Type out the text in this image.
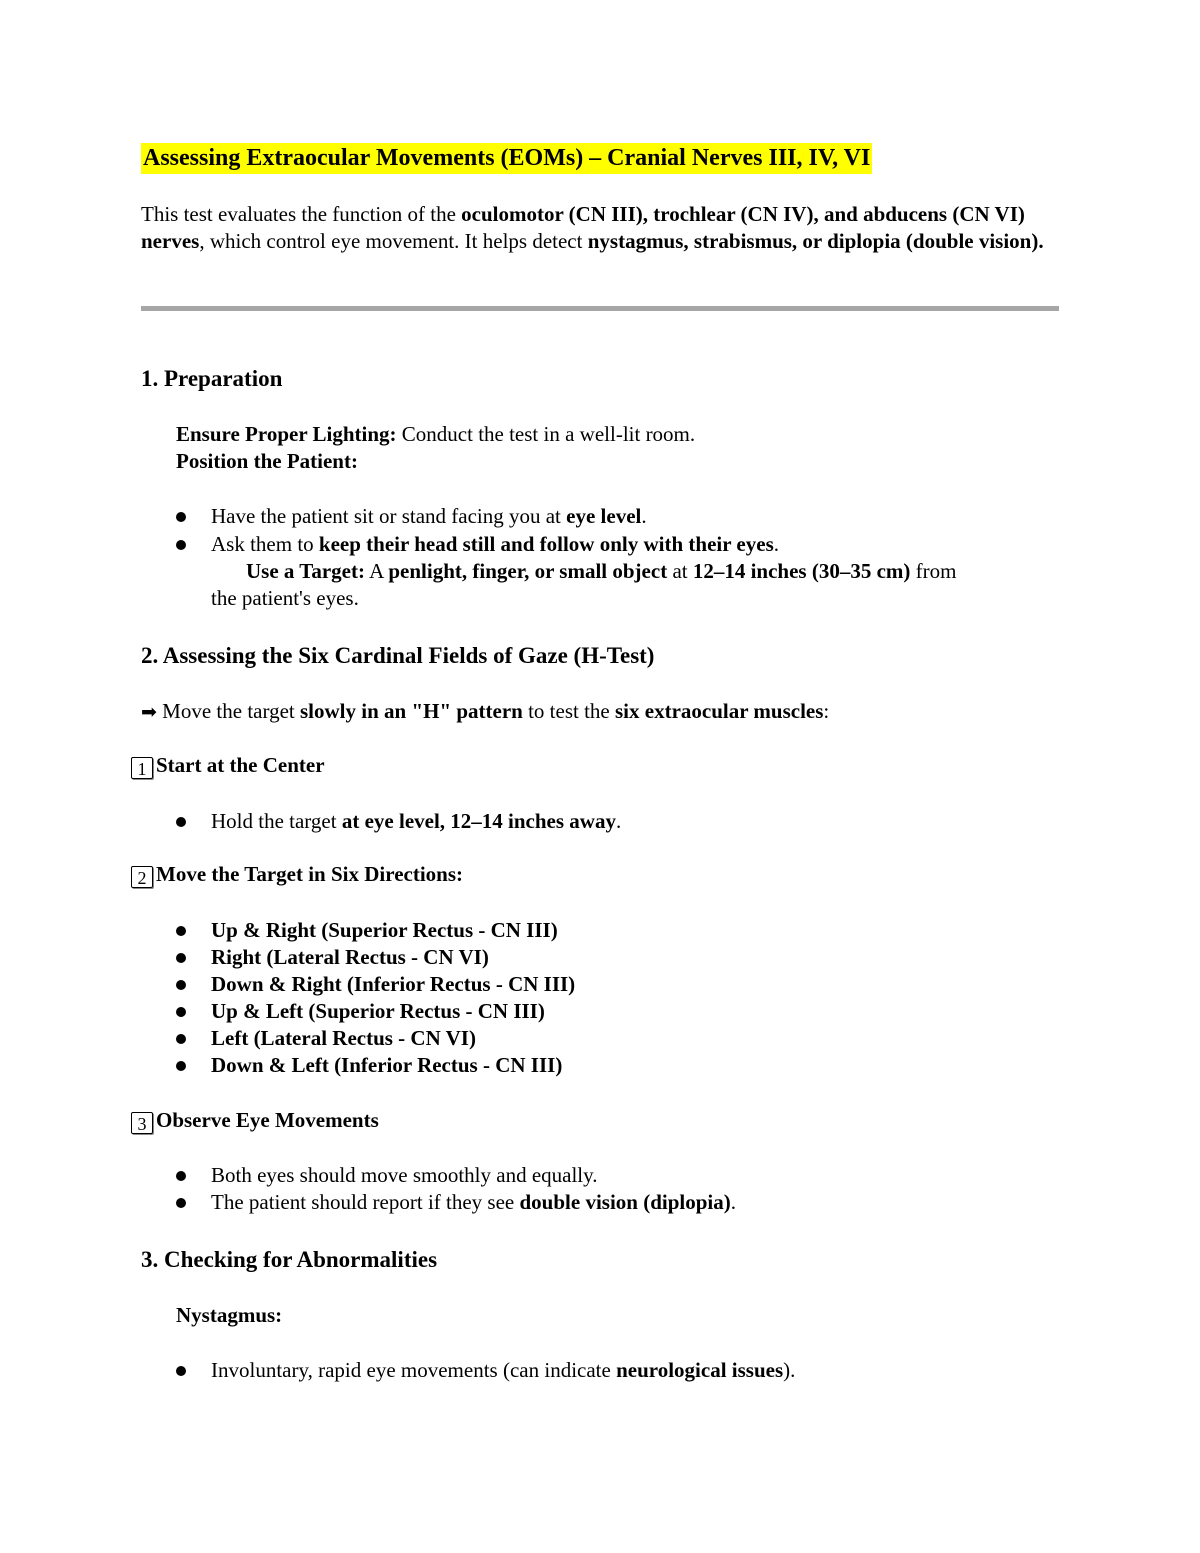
Assessing Extraocular Movements (EOMs) – Cranial Nerves III, IV, VI
This test evaluates the function of the oculomotor (CN III), trochlear (CN IV), and abducens (CN VI) nerves, which control eye movement. It helps detect nystagmus, strabismus, or diplopia (double vision).
1. Preparation
Ensure Proper Lighting: Conduct the test in a well-lit room.
Position the Patient:
Have the patient sit or stand facing you at eye level.
Ask them to keep their head still and follow only with their eyes.
Use a Target: A penlight, finger, or small object at 12–14 inches (30–35 cm) from
the patient's eyes.
2. Assessing the Six Cardinal Fields of Gaze (H-Test)
➡ Move the target slowly in an "H" pattern to test the six extraocular muscles:
1 Start at the Center
Hold the target at eye level, 12–14 inches away.
2 Move the Target in Six Directions:
Up & Right (Superior Rectus - CN III)
Right (Lateral Rectus - CN VI)
Down & Right (Inferior Rectus - CN III)
Up & Left (Superior Rectus - CN III)
Left (Lateral Rectus - CN VI)
Down & Left (Inferior Rectus - CN III)
3 Observe Eye Movements
Both eyes should move smoothly and equally.
The patient should report if they see double vision (diplopia).
3. Checking for Abnormalities
Nystagmus:
Involuntary, rapid eye movements (can indicate neurological issues).
